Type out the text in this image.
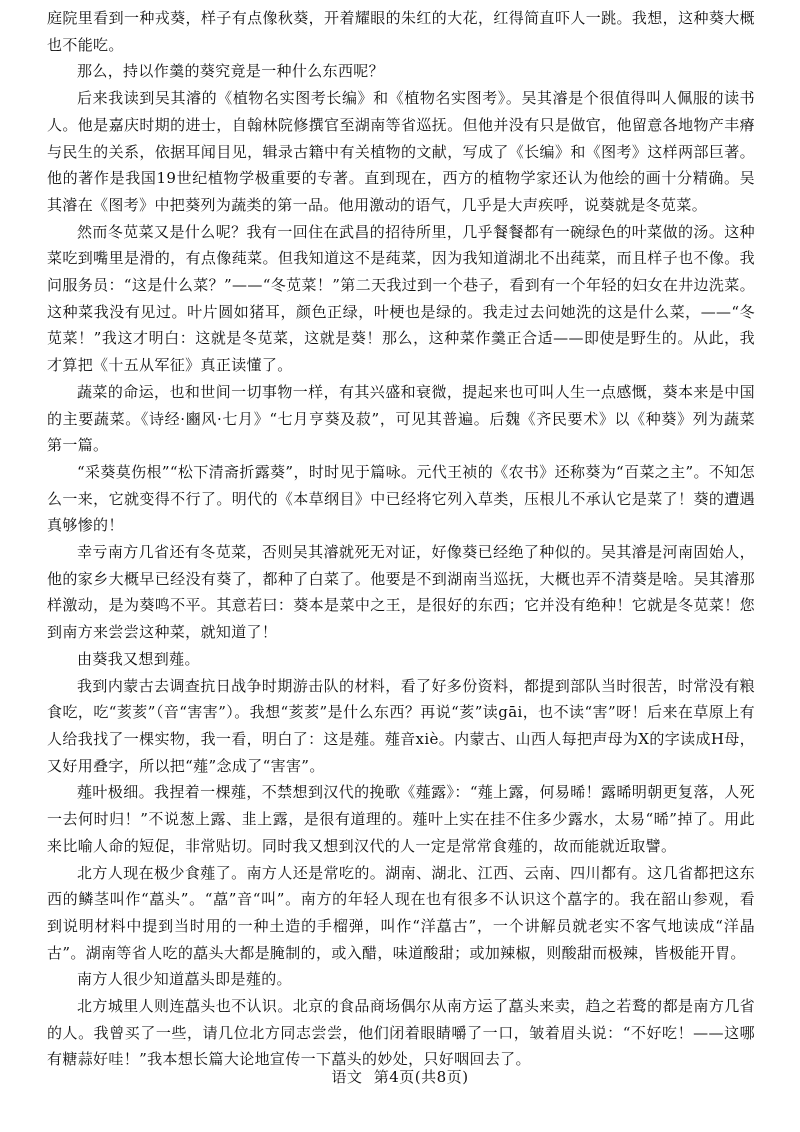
庭院里看到一种戎葵，样子有点像秋葵，开着耀眼的朱红的大花，红得简直吓人一跳。我想，这种葵大概也不能吃。

那么，持以作羹的葵究竟是一种什么东西呢？

后来我读到吴其濬的《植物名实图考长编》和《植物名实图考》。吴其濬是个很值得叫人佩服的读书人。他是嘉庆时期的进士，自翰林院修撰官至湖南等省巡抚。但他并没有只是做官，他留意各地物产丰瘠与民生的关系，依据耳闻目见，辑录古籍中有关植物的文献，写成了《长编》和《图考》这样两部巨著。他的著作是我国19世纪植物学极重要的专著。直到现在，西方的植物学家还认为他绘的画十分精确。吴其濬在《图考》中把葵列为蔬类的第一品。他用激动的语气，几乎是大声疾呼，说葵就是冬苋菜。

然而冬苋菜又是什么呢？我有一回住在武昌的招待所里，几乎餐餐都有一碗绿色的叶菜做的汤。这种菜吃到嘴里是滑的，有点像莼菜。但我知道这不是莼菜，因为我知道湖北不出莼菜，而且样子也不像。我问服务员：“这是什么菜？”——“冬苋菜！”第二天我过到一个巷子，看到有一个年轻的妇女在井边洗菜。这种菜我没有见过。叶片圆如猪耳，颜色正绿，叶梗也是绿的。我走过去问她洗的这是什么菜，——“冬苋菜！”我这才明白：这就是冬苋菜，这就是葵！那么，这种菜作羹正合适——即使是野生的。从此，我才算把《十五从军征》真正读懂了。

蔬菜的命运，也和世间一切事物一样，有其兴盛和衰微，提起来也可叫人生一点感慨，葵本来是中国的主要蔬菜。《诗经·豳风·七月》“七月亨葵及菽”，可见其普遍。后魏《齐民要术》以《种葵》列为蔬菜第一篇。

“采葵莫伤根”“松下清斋折露葵”，时时见于篇咏。元代王祯的《农书》还称葵为“百菜之主”。不知怎么一来，它就变得不行了。明代的《本草纲目》中已经将它列入草类，压根儿不承认它是菜了！葵的遭遇真够惨的！

幸亏南方几省还有冬苋菜，否则吴其濬就死无对证，好像葵已经绝了种似的。吴其濬是河南固始人，他的家乡大概早已经没有葵了，都种了白菜了。他要是不到湖南当巡抚，大概也弄不清葵是啥。吴其濬那样激动，是为葵鸣不平。其意若曰：葵本是菜中之王，是很好的东西；它并没有绝种！它就是冬苋菜！您到南方来尝尝这种菜，就知道了！

由葵我又想到薤。

我到内蒙古去调查抗日战争时期游击队的材料，看了好多份资料，都提到部队当时很苦，时常没有粮食吃，吃“荄荄”（音“害害”）。我想“荄荄”是什么东西？再说“荄”读gāi，也不读“害”呀！后来在草原上有人给我找了一棵实物，我一看，明白了：这是薤。薤音xiè。内蒙古、山西人每把声母为X的字读成H母，又好用叠字，所以把“薤”念成了“害害”。

薤叶极细。我捏着一棵薤，不禁想到汉代的挽歌《薤露》：“薤上露，何易晞！露晞明朝更复落，人死一去何时归！”不说葱上露、韭上露，是很有道理的。薤叶上实在挂不住多少露水，太易“晞”掉了。用此来比喻人命的短促，非常贴切。同时我又想到汉代的人一定是常常食薤的，故而能就近取譬。

北方人现在极少食薤了。南方人还是常吃的。湖南、湖北、江西、云南、四川都有。这几省都把这东西的鳞茎叫作“藠头”。“藠”音“叫”。南方的年轻人现在也有很多不认识这个藠字的。我在韶山参观，看到说明材料中提到当时用的一种土造的手榴弹，叫作“洋藠古”，一个讲解员就老实不客气地读成“洋晶古”。湖南等省人吃的藠头大都是腌制的，或入醋，味道酸甜；或加辣椒，则酸甜而极辣，皆极能开胃。

南方人很少知道藠头即是薤的。

北方城里人则连藠头也不认识。北京的食品商场偶尔从南方运了藠头来卖，趋之若鹜的都是南方几省的人。我曾买了一些，请几位北方同志尝尝，他们闭着眼睛嚼了一口，皱着眉头说：“不好吃！——这哪有糖蒜好哇！”我本想长篇大论地宣传一下藠头的妙处，只好咽回去了。

语文 第4页(共8页)
